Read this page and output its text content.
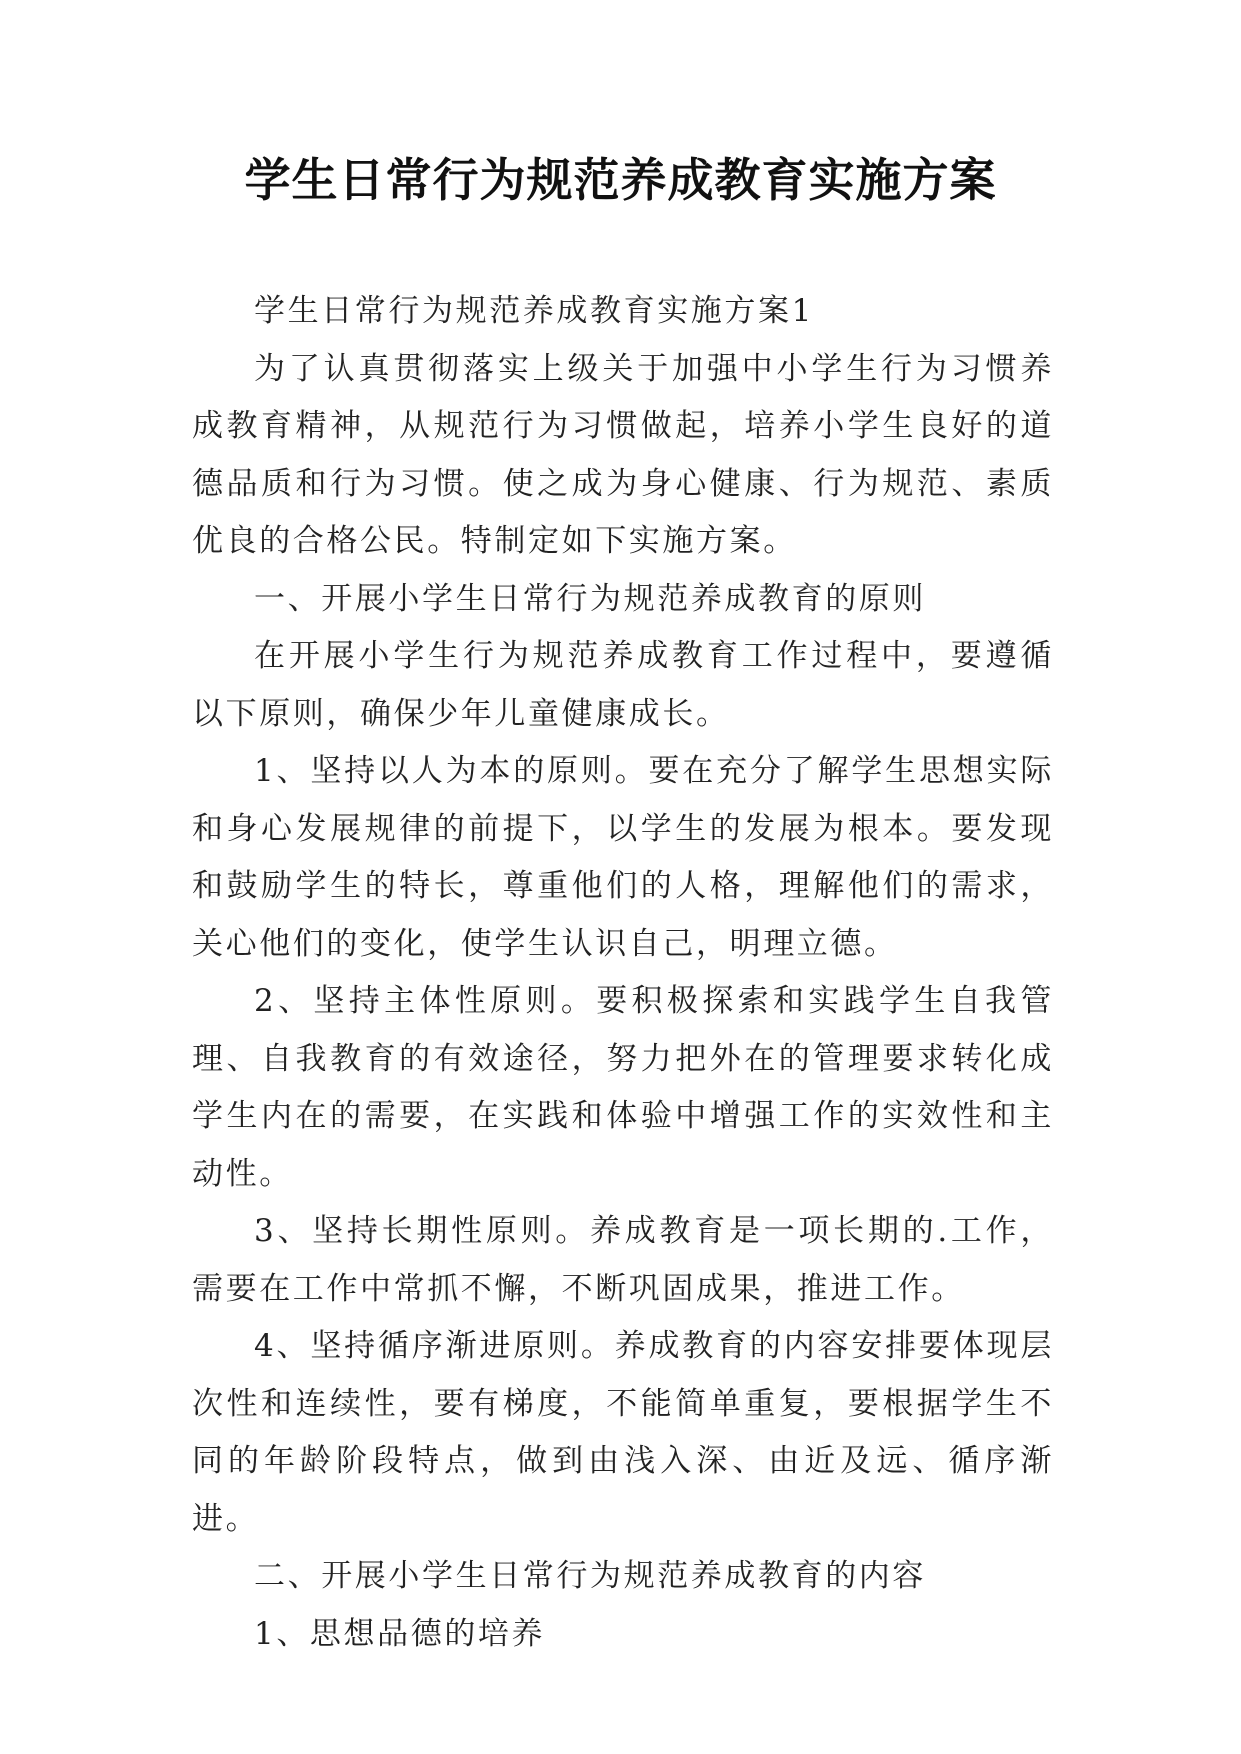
学生日常行为规范养成教育实施方案

学生日常行为规范养成教育实施方案1

为了认真贯彻落实上级关于加强中小学生行为习惯养成教育精神，从规范行为习惯做起，培养小学生良好的道德品质和行为习惯。使之成为身心健康、行为规范、素质优良的合格公民。特制定如下实施方案。

一、开展小学生日常行为规范养成教育的原则

在开展小学生行为规范养成教育工作过程中，要遵循以下原则，确保少年儿童健康成长。

1、坚持以人为本的原则。要在充分了解学生思想实际和身心发展规律的前提下，以学生的发展为根本。要发现和鼓励学生的特长，尊重他们的人格，理解他们的需求，关心他们的变化，使学生认识自己，明理立德。

2、坚持主体性原则。要积极探索和实践学生自我管理、自我教育的有效途径，努力把外在的管理要求转化成学生内在的需要，在实践和体验中增强工作的实效性和主动性。

3、坚持长期性原则。养成教育是一项长期的.工作，需要在工作中常抓不懈，不断巩固成果，推进工作。

4、坚持循序渐进原则。养成教育的内容安排要体现层次性和连续性，要有梯度，不能简单重复，要根据学生不同的年龄阶段特点，做到由浅入深、由近及远、循序渐进。

二、开展小学生日常行为规范养成教育的内容

1、思想品德的培养
